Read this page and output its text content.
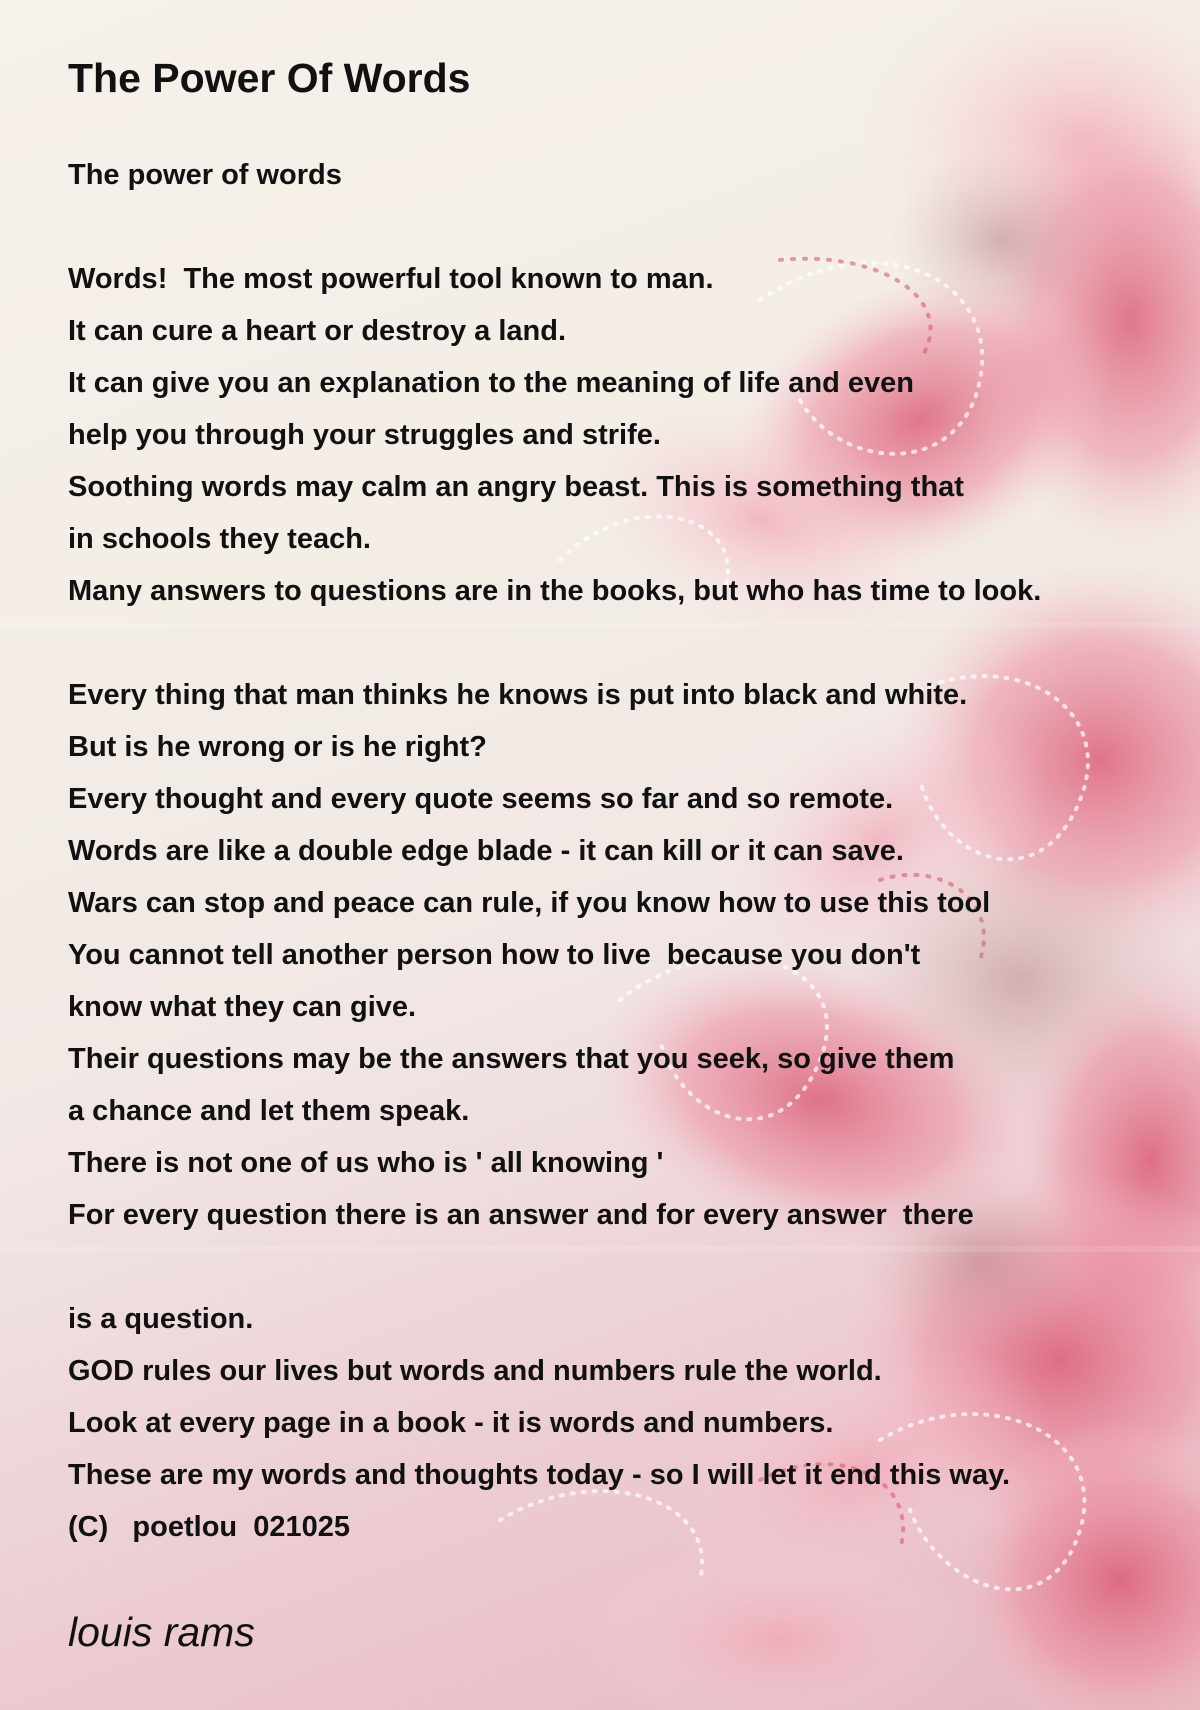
The Power Of Words
The power of words
Words!  The most powerful tool known to man.
It can cure a heart or destroy a land.
It can give you an explanation to the meaning of life and even
help you through your struggles and strife.
Soothing words may calm an angry beast. This is something that
in schools they teach.
Many answers to questions are in the books, but who has time to look.
Every thing that man thinks he knows is put into black and white.
But is he wrong or is he right?
Every thought and every quote seems so far and so remote.
Words are like a double edge blade - it can kill or it can save.
Wars can stop and peace can rule, if you know how to use this tool
You cannot tell another person how to live  because you don't
know what they can give.
Their questions may be the answers that you seek, so give them
a chance and let them speak.
There is not one of us who is ' all knowing '
For every question there is an answer and for every answer  there
is a question.
GOD rules our lives but words and numbers rule the world.
Look at every page in a book - it is words and numbers.
These are my words and thoughts today - so I will let it end this way.
(C)   poetlou  021025
louis rams
